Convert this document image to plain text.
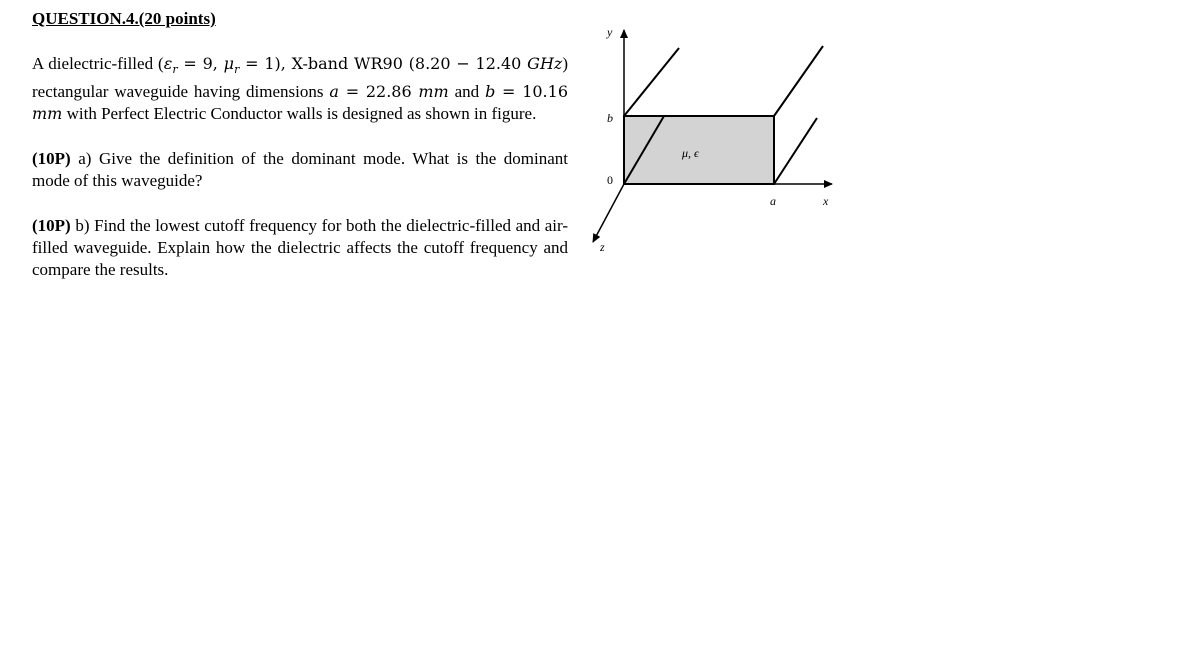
QUESTION.4.(20 points)

A dielectric-filled ($\varepsilon_r = 9$, $\mu_r = 1$), X-band WR90 (8.20 − 12.40 GHz) rectangular waveguide having dimensions a = 22.86 mm and b = 10.16 mm with Perfect Electric Conductor walls is designed as shown in figure.

(10P) a) Give the definition of the dominant mode. What is the dominant mode of this waveguide?

(10P) b) Find the lowest cutoff frequency for both the dielectric-filled and air-filled waveguide. Explain how the dielectric affects the cutoff frequency and compare the results.

y
b
0
μ, ϵ
a	x
z
